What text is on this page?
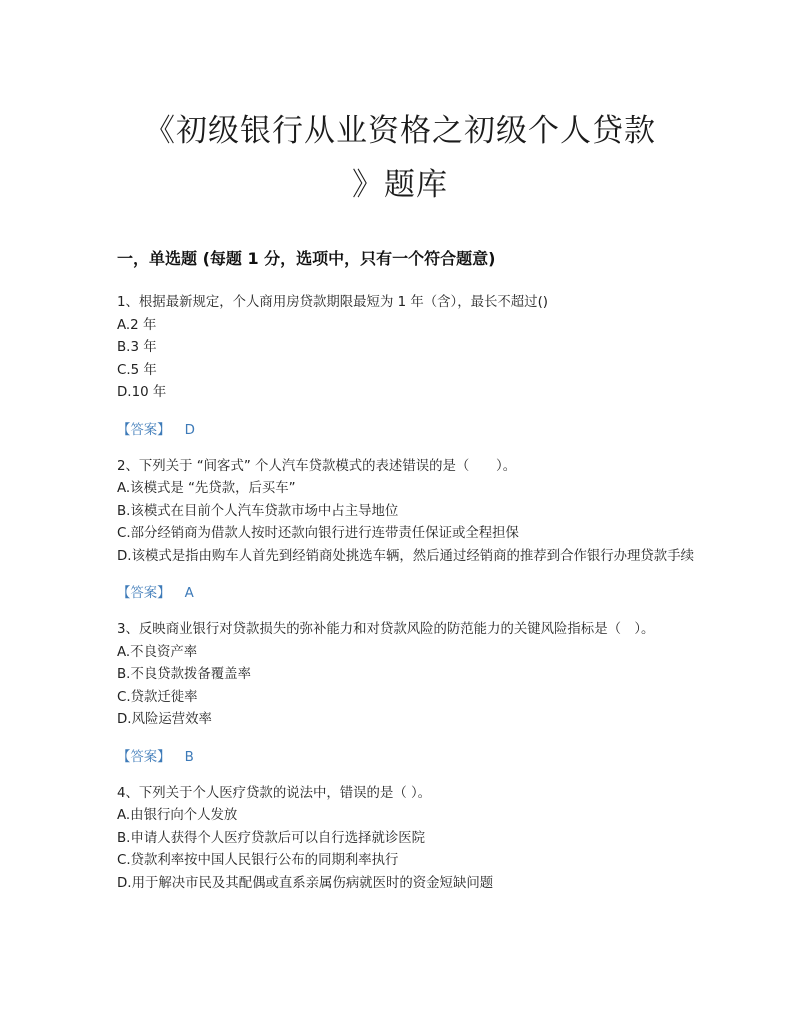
《初级银行从业资格之初级个人贷款
》题库
一，单选题 (每题 1 分，选项中，只有一个符合题意)
1、根据最新规定，个人商用房贷款期限最短为 1 年（含），最长不超过()
A.2 年
B.3 年
C.5 年
D.10 年
【答案】 D
2、下列关于 “间客式” 个人汽车贷款模式的表述错误的是（　　）。
A.该模式是 “先贷款，后买车”
B.该模式在目前个人汽车贷款市场中占主导地位
C.部分经销商为借款人按时还款向银行进行连带责任保证或全程担保
D.该模式是指由购车人首先到经销商处挑选车辆，然后通过经销商的推荐到合作银行办理贷款手续
【答案】 A
3、反映商业银行对贷款损失的弥补能力和对贷款风险的防范能力的关键风险指标是（　）。
A.不良资产率
B.不良贷款拨备覆盖率
C.贷款迁徙率
D.风险运营效率
【答案】 B
4、下列关于个人医疗贷款的说法中，错误的是（ ）。
A.由银行向个人发放
B.申请人获得个人医疗贷款后可以自行选择就诊医院
C.贷款利率按中国人民银行公布的同期利率执行
D.用于解决市民及其配偶或直系亲属伤病就医时的资金短缺问题
